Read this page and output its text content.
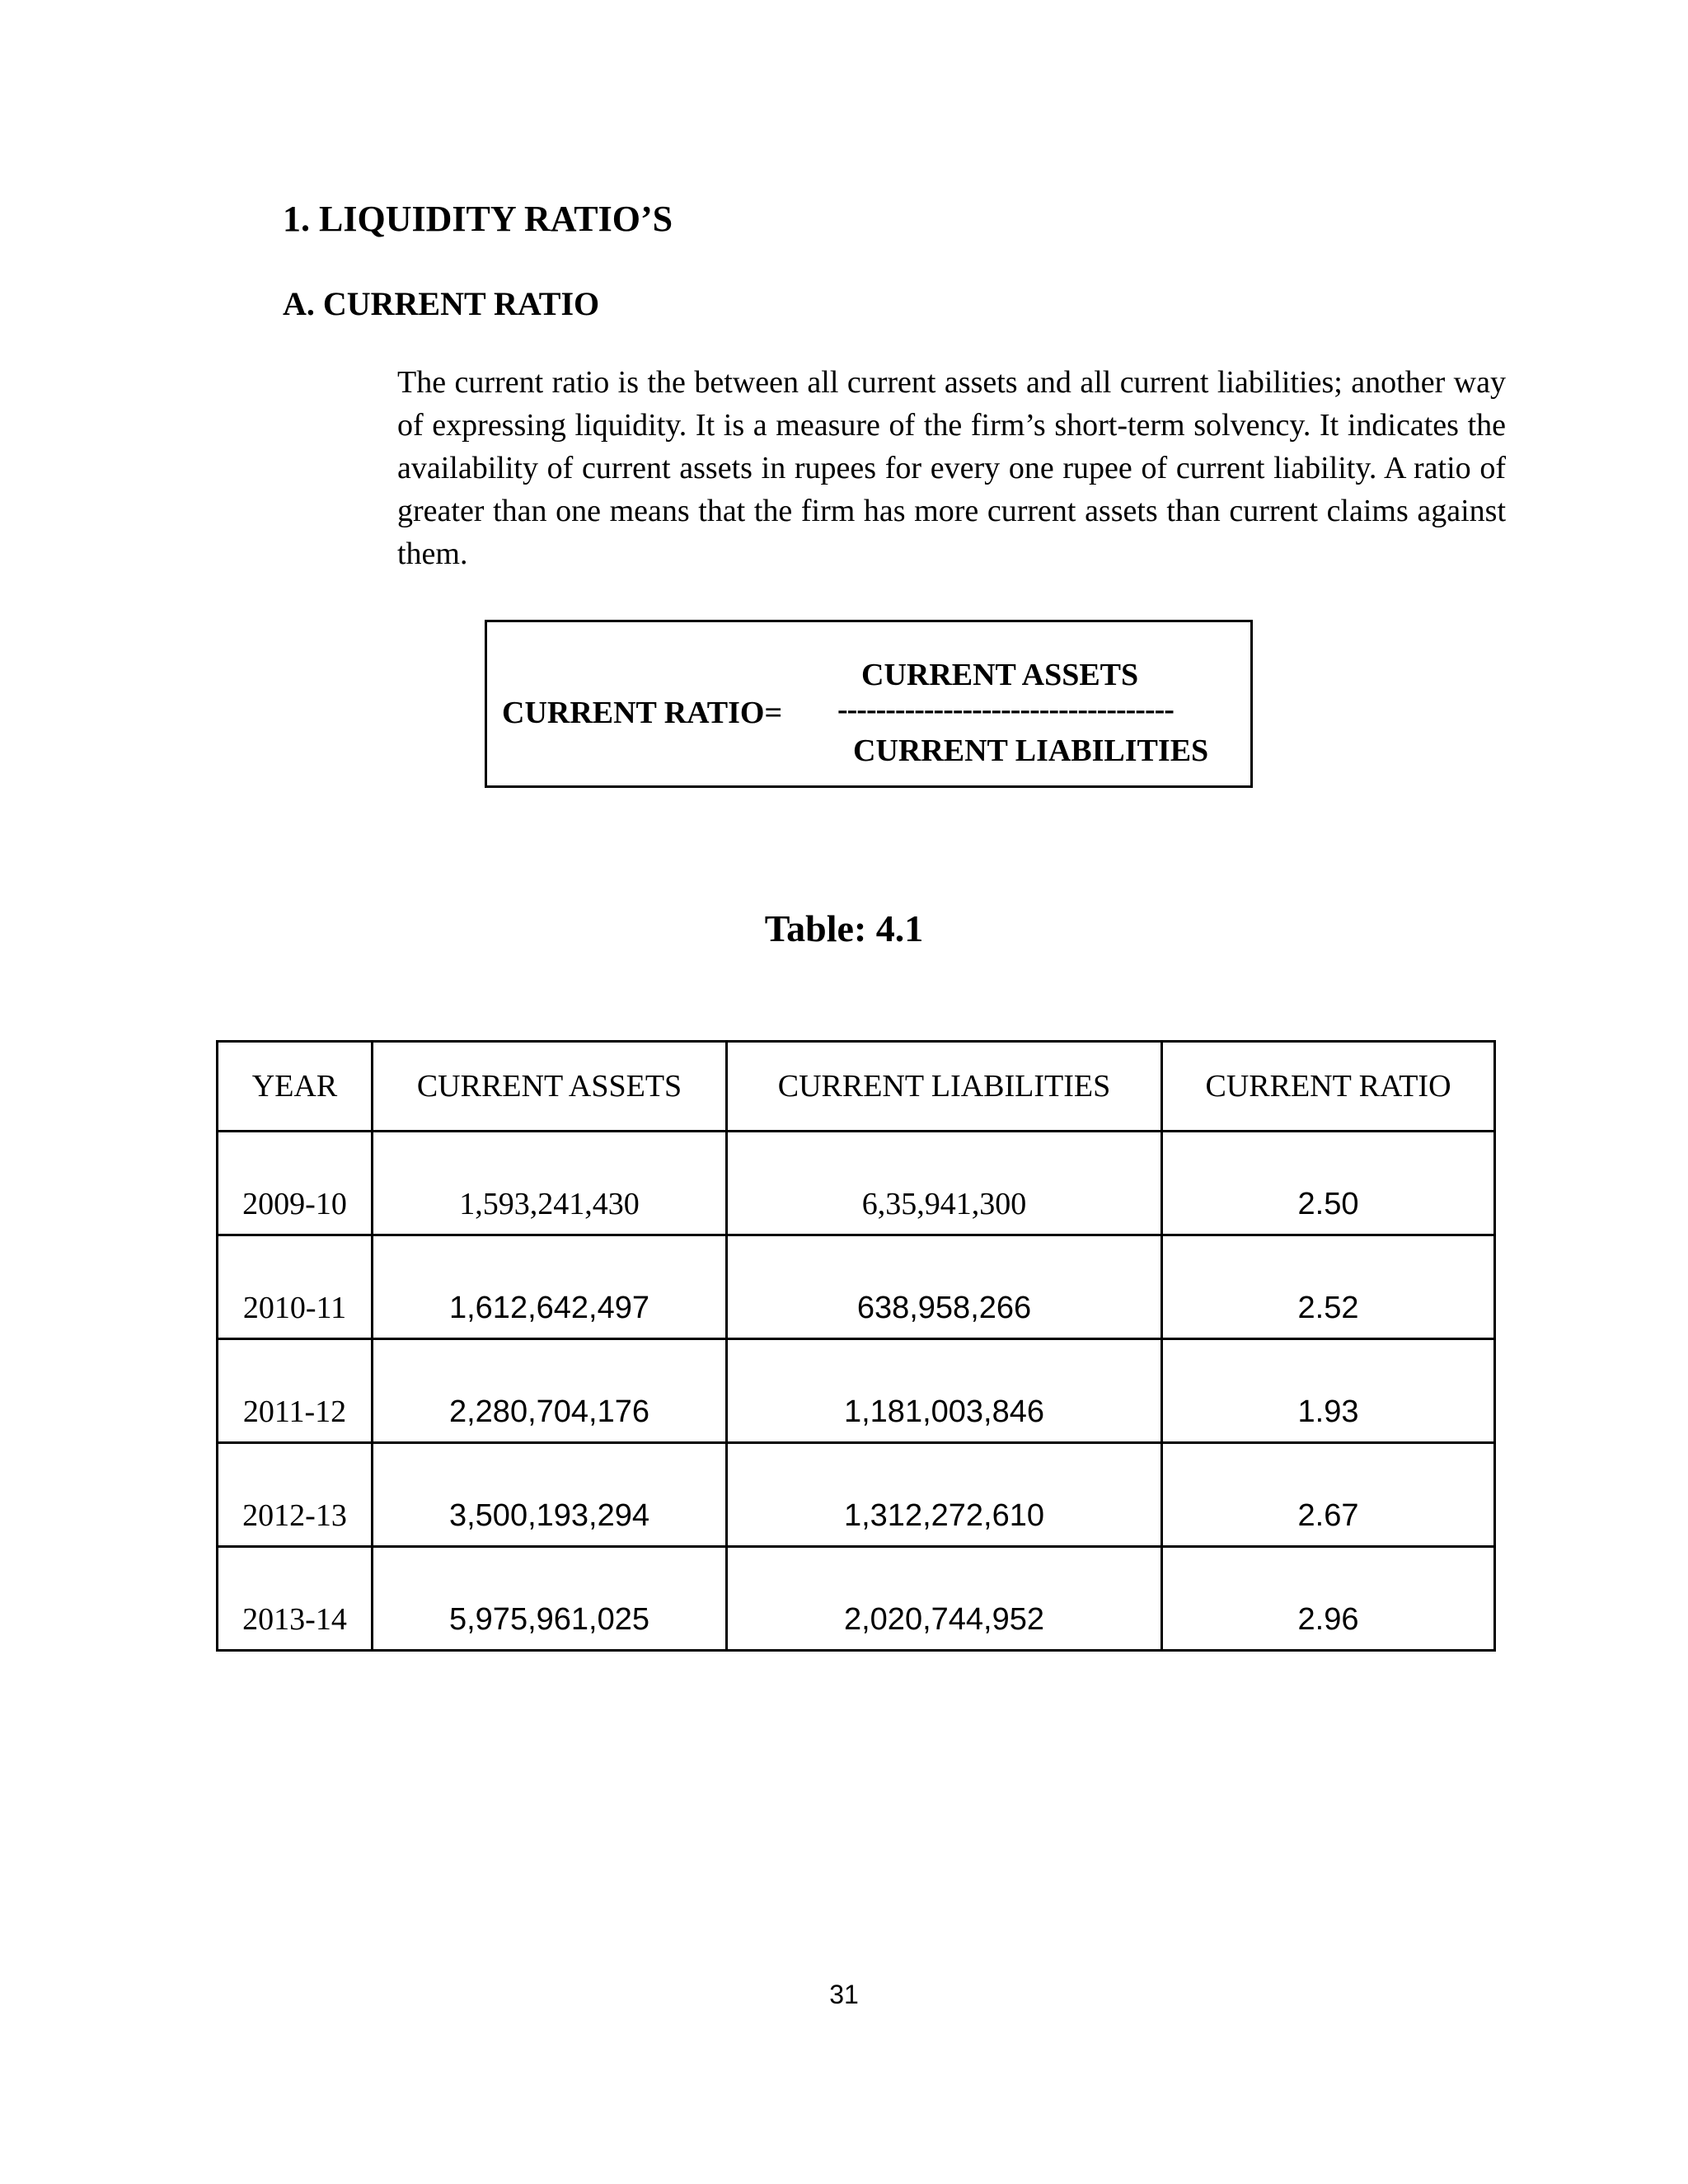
1. LIQUIDITY RATIO’S
A. CURRENT RATIO

The current ratio is the between all current assets and all current liabilities; another way of expressing liquidity. It is a measure of the firm’s short-term solvency. It indicates the availability of current assets in rupees for every one rupee of current liability. A ratio of greater than one means that the firm has more current assets than current claims against them.

CURRENT RATIO=
CURRENT ASSETS
-----------------------------------
CURRENT LIABILITIES
Table: 4.1
YEAR	CURRENT ASSETS	CURRENT LIABILITIES	CURRENT RATIO
2009-10	1,593,241,430	6,35,941,300	2.50
2010-11	1,612,642,497	638,958,266	2.52
2011-12	2,280,704,176	1,181,003,846	1.93
2012-13	3,500,193,294	1,312,272,610	2.67
2013-14	5,975,961,025	2,020,744,952	2.96
31
